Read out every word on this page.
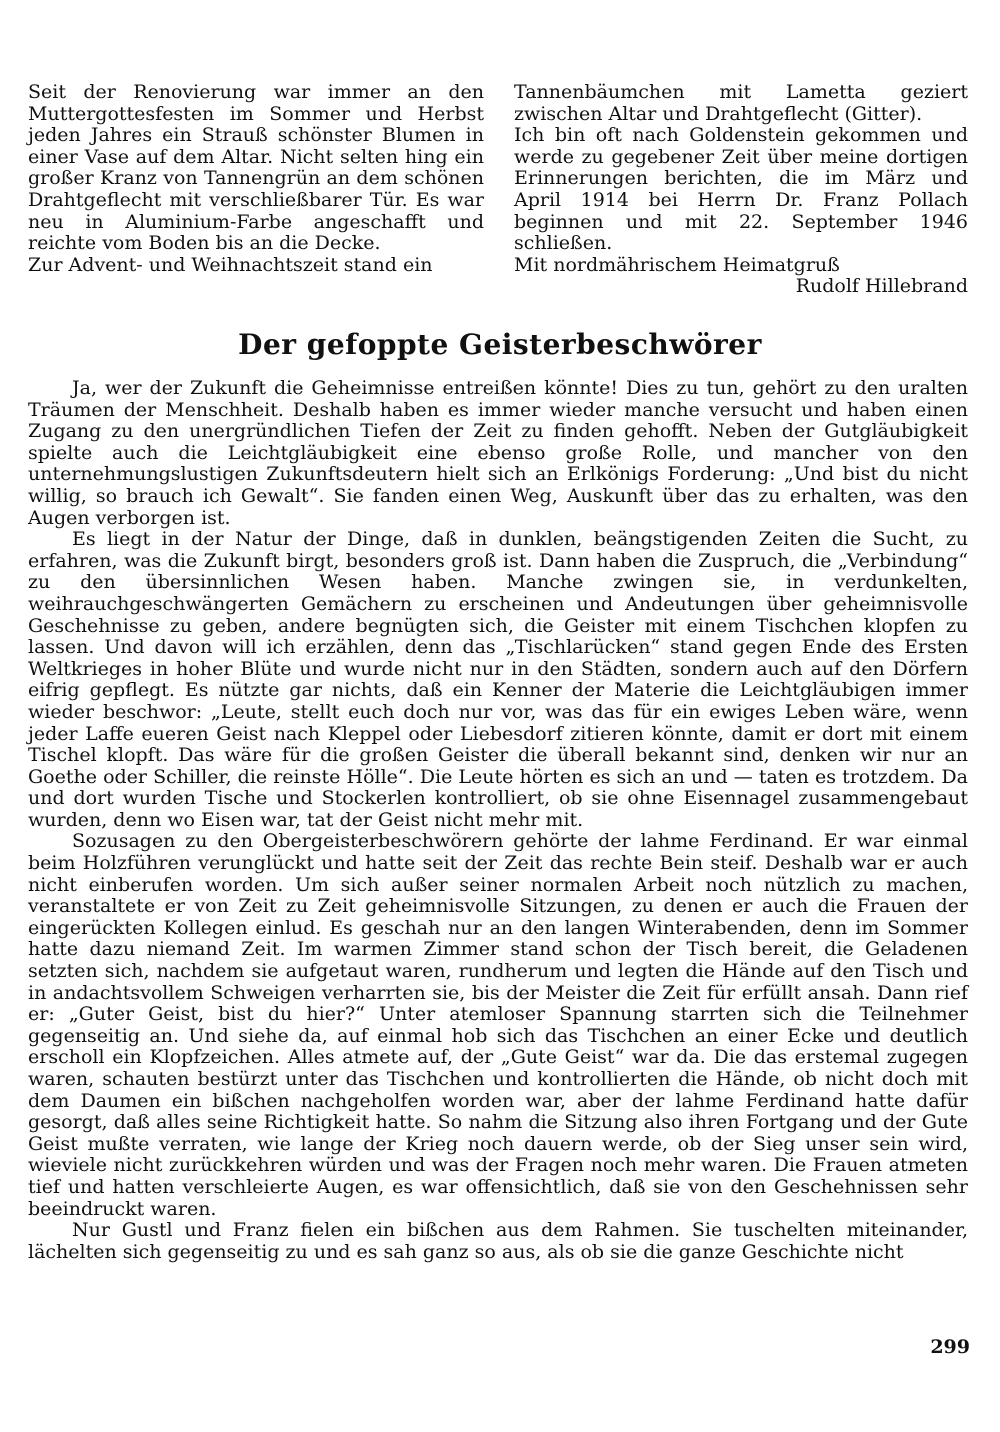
Seit der Renovierung war immer an den Muttergottesfesten im Sommer und Herbst jeden Jahres ein Strauß schönster Blumen in einer Vase auf dem Altar. Nicht selten hing ein großer Kranz von Tannengrün an dem schönen Drahtgeflecht mit verschließbarer Tür. Es war neu in Aluminium-Farbe angeschafft und reichte vom Boden bis an die Decke.

Zur Advent- und Weihnachtszeit stand ein

Tannenbäumchen mit Lametta geziert zwischen Altar und Drahtgeflecht (Gitter).

Ich bin oft nach Goldenstein gekommen und werde zu gegebener Zeit über meine dortigen Erinnerungen berichten, die im März und April 1914 bei Herrn Dr. Franz Pollach beginnen und mit 22. September 1946 schließen.

Mit nordmährischem Heimatgruß

Rudolf Hillebrand

Der gefoppte Geisterbeschwörer

Ja, wer der Zukunft die Geheimnisse entreißen könnte! Dies zu tun, gehört zu den uralten Träumen der Menschheit. Deshalb haben es immer wieder manche versucht und haben einen Zugang zu den unergründlichen Tiefen der Zeit zu finden gehofft. Neben der Gutgläubigkeit spielte auch die Leichtgläubigkeit eine ebenso große Rolle, und mancher von den unternehmungslustigen Zukunftsdeutern hielt sich an Erlkönigs Forderung: „Und bist du nicht willig, so brauch ich Gewalt“. Sie fanden einen Weg, Auskunft über das zu erhalten, was den Augen verborgen ist.

Es liegt in der Natur der Dinge, daß in dunklen, beängstigenden Zeiten die Sucht, zu erfahren, was die Zukunft birgt, besonders groß ist. Dann haben die Zuspruch, die „Verbindung“ zu den übersinnlichen Wesen haben. Manche zwingen sie, in verdunkelten, weihrauchgeschwängerten Gemächern zu erscheinen und Andeutungen über geheimnisvolle Geschehnisse zu geben, andere begnügten sich, die Geister mit einem Tischchen klopfen zu lassen. Und davon will ich erzählen, denn das „Tischlarücken“ stand gegen Ende des Ersten Weltkrieges in hoher Blüte und wurde nicht nur in den Städten, sondern auch auf den Dörfern eifrig gepflegt. Es nützte gar nichts, daß ein Kenner der Materie die Leichtgläubigen immer wieder beschwor: „Leute, stellt euch doch nur vor, was das für ein ewiges Leben wäre, wenn jeder Laffe eueren Geist nach Kleppel oder Liebesdorf zitieren könnte, damit er dort mit einem Tischel klopft. Das wäre für die großen Geister die überall bekannt sind, denken wir nur an Goethe oder Schiller, die reinste Hölle“. Die Leute hörten es sich an und — taten es trotzdem. Da und dort wurden Tische und Stockerlen kontrolliert, ob sie ohne Eisennagel zusammengebaut wurden, denn wo Eisen war, tat der Geist nicht mehr mit.

Sozusagen zu den Obergeisterbeschwörern gehörte der lahme Ferdinand. Er war einmal beim Holzführen verunglückt und hatte seit der Zeit das rechte Bein steif. Deshalb war er auch nicht einberufen worden. Um sich außer seiner normalen Arbeit noch nützlich zu machen, veranstaltete er von Zeit zu Zeit geheimnisvolle Sitzungen, zu denen er auch die Frauen der eingerückten Kollegen einlud. Es geschah nur an den langen Winterabenden, denn im Sommer hatte dazu niemand Zeit. Im warmen Zimmer stand schon der Tisch bereit, die Geladenen setzten sich, nachdem sie aufgetaut waren, rundherum und legten die Hände auf den Tisch und in andachtsvollem Schweigen verharrten sie, bis der Meister die Zeit für erfüllt ansah. Dann rief er: „Guter Geist, bist du hier?“ Unter atemloser Spannung starrten sich die Teilnehmer gegenseitig an. Und siehe da, auf einmal hob sich das Tischchen an einer Ecke und deutlich erscholl ein Klopfzeichen. Alles atmete auf, der „Gute Geist“ war da. Die das erstemal zugegen waren, schauten bestürzt unter das Tischchen und kontrollierten die Hände, ob nicht doch mit dem Daumen ein bißchen nachgeholfen worden war, aber der lahme Ferdinand hatte dafür gesorgt, daß alles seine Richtigkeit hatte. So nahm die Sitzung also ihren Fortgang und der Gute Geist mußte verraten, wie lange der Krieg noch dauern werde, ob der Sieg unser sein wird, wieviele nicht zurückkehren würden und was der Fragen noch mehr waren. Die Frauen atmeten tief und hatten verschleierte Augen, es war offensichtlich, daß sie von den Geschehnissen sehr beeindruckt waren.

Nur Gustl und Franz fielen ein bißchen aus dem Rahmen. Sie tuschelten miteinander, lächelten sich gegenseitig zu und es sah ganz so aus, als ob sie die ganze Geschichte nicht

299
